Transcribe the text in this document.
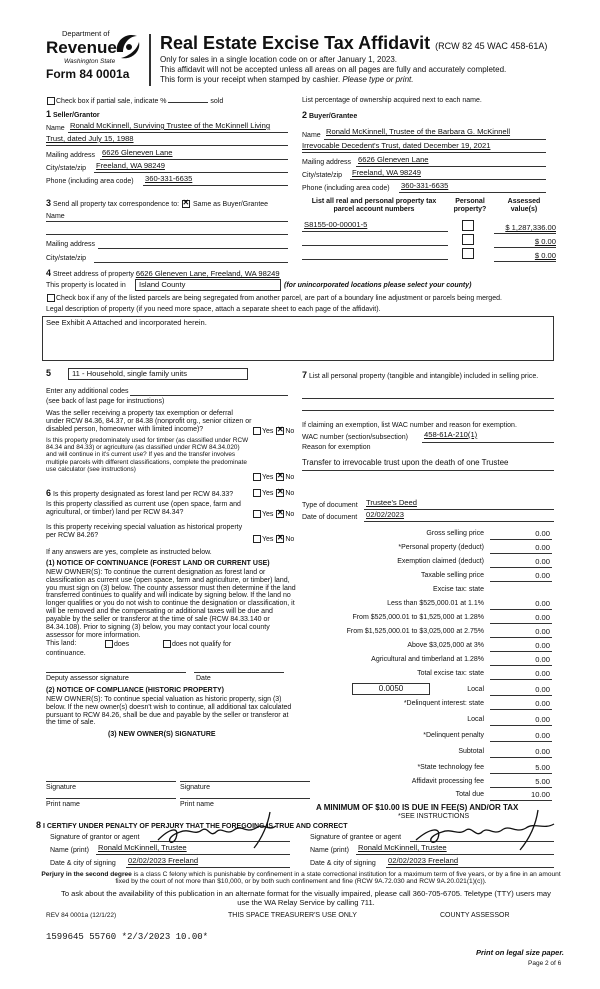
Department of
Revenue
Washington State
Form 84 0001a
Real Estate Excise Tax Affidavit (RCW 82 45 WAC 458-61A)
Only for sales in a single location code on or after January 1, 2023.
This affidavit will not be accepted unless all areas on all pages are fully and accurately completed.
This form is your receipt when stamped by cashier. Please type or print.
Check box if partial sale, indicate %	sold	List percentage of ownership acquired next to each name.
1 Seller/Grantor
Name Ronald McKinnell, Surviving Trustee of the McKinnell Living
Trust, dated July 15, 1988
Mailing address 6626 Gleneven Lane
City/state/zip Freeland, WA 98249
Phone (including area code) 360-331-6635
2 Buyer/Grantee
Name Ronald McKinnell, Trustee of the Barbara G. McKinnell
Irrevocable Decedent's Trust, dated December 19, 2021
Mailing address 6626 Gleneven Lane
City/state/zip Freeland, WA 98249
Phone (including area code) 360-331-6635
3 Send all property tax correspondence to: ✕ Same as Buyer/Grantee
Name
Mailing address
City/state/zip
List all real and personal property tax
parcel account numbers
Personal
property?
Assessed
value(s)
S8155-00-00001-5	$ 1,287,336.00
$ 0.00
$ 0.00
4 Street address of property 6626 Gleneven Lane, Freeland, WA 98249
This property is located in	Island County	(for unincorporated locations please select your county)
Check box if any of the listed parcels are being segregated from another parcel, are part of a boundary line adjustment or parcels being merged.
Legal description of property (if you need more space, attach a separate sheet to each page of the affidavit).
See Exhibit A Attached and incorporated herein.
5	11 - Household, single family units
Enter any additional codes
(see back of last page for instructions)
Was the seller receiving a property tax exemption or deferral under RCW 84.36, 84.37, or 84.38 (nonprofit org., senior citizen or disabled person, homeowner with limited income)?	Yes ✕ No
Is this property predominately used for timber (as classified under RCW 84.34 and 84.33) or agriculture (as classified under RCW 84.34.020) and will continue in it's current use? If yes and the transfer involves multiple parcels with different classifications, complete the predominate use calculator (see instructions)
Yes ✕ No
6 Is this property designated as forest land per RCW 84.33?	Yes ✕ No
Is this property classified as current use (open space, farm and agricultural, or timber) land per RCW 84.34?	Yes ✕ No
Is this property receiving special valuation as historical property per RCW 84.26?
Yes ✕ No
If any answers are yes, complete as instructed below.
(1) NOTICE OF CONTINUANCE (FOREST LAND OR CURRENT USE)
NEW OWNER(S): To continue the current designation as forest land or classification as current use (open space, farm and agriculture, or timber) land, you must sign on (3) below. The county assessor must then determine if the land transferred continues to qualify and will indicate by signing below. If the land no longer qualifies or you do not wish to continue the designation or classification, it will be removed and the compensating or additional taxes will be due and payable by the seller or transferor at the time of sale (RCW 84.33.140 or 84.34.108). Prior to signing (3) below, you may contact your local county assessor for more information.
This land:	does	does not qualify for
continuance.
Deputy assessor signature	Date
(2) NOTICE OF COMPLIANCE (HISTORIC PROPERTY)
NEW OWNER(S): To continue special valuation as historic property, sign (3) below. If the new owner(s) doesn't wish to continue, all additional tax calculated pursuant to RCW 84.26, shall be due and payable by the seller or transferor at the time of sale.
(3) NEW OWNER(S) SIGNATURE
Signature	Signature
Print name	Print name
7 List all personal property (tangible and intangible) included in selling price.
If claiming an exemption, list WAC number and reason for exemption.
WAC number (section/subsection) 458-61A-210(1)
Reason for exemption
Transfer to irrevocable trust upon the death of one Trustee
Type of document Trustee's Deed
Date of document 02/02/2023
Gross selling price	0.00
*Personal property (deduct)	0.00
Exemption claimed (deduct)	0.00
Taxable selling price	0.00
Excise tax: state
Less than $525,000.01 at 1.1%	0.00
From $525,000.01 to $1,525,000 at 1.28%	0.00
From $1,525,000.01 to $3,025,000 at 2.75%	0.00
Above $3,025,000 at 3%	0.00
Agricultural and timberland at 1.28%	0.00
Total excise tax: state	0.00
0.0050	Local	0.00
*Delinquent interest: state	0.00
Local	0.00
*Delinquent penalty	0.00
Subtotal	0.00
*State technology fee	5.00
Affidavit processing fee	5.00
Total due	10.00
A MINIMUM OF $10.00 IS DUE IN FEE(S) AND/OR TAX
*SEE INSTRUCTIONS
8 I CERTIFY UNDER PENALTY OF PERJURY THAT THE FOREGOING IS TRUE AND CORRECT
Signature of grantor or agent
Name (print) Ronald McKinnell, Trustee
Date & city of signing 02/02/2023 Freeland
Signature of grantee or agent
Name (print) Ronald McKinnell, Trustee
Date & city of signing 02/02/2023 Freeland
Perjury in the second degree is a class C felony which is punishable by confinement in a state correctional institution for a maximum term of five years, or by a fine in an amount fixed by the court of not more than $10,000, or by both such confinement and fine (RCW 9A.72.030 and RCW 9A.20.021(1)(c)).
To ask about the availability of this publication in an alternate format for the visually impaired, please call 360-705-6705. Teletype (TTY) users may use the WA Relay Service by calling 711.
REV 84 0001a (12/1/22)	THIS SPACE TREASURER'S USE ONLY	COUNTY ASSESSOR
1599645 55760 *2/3/2023 10.00*
Print on legal size paper.
Page 2 of 6
